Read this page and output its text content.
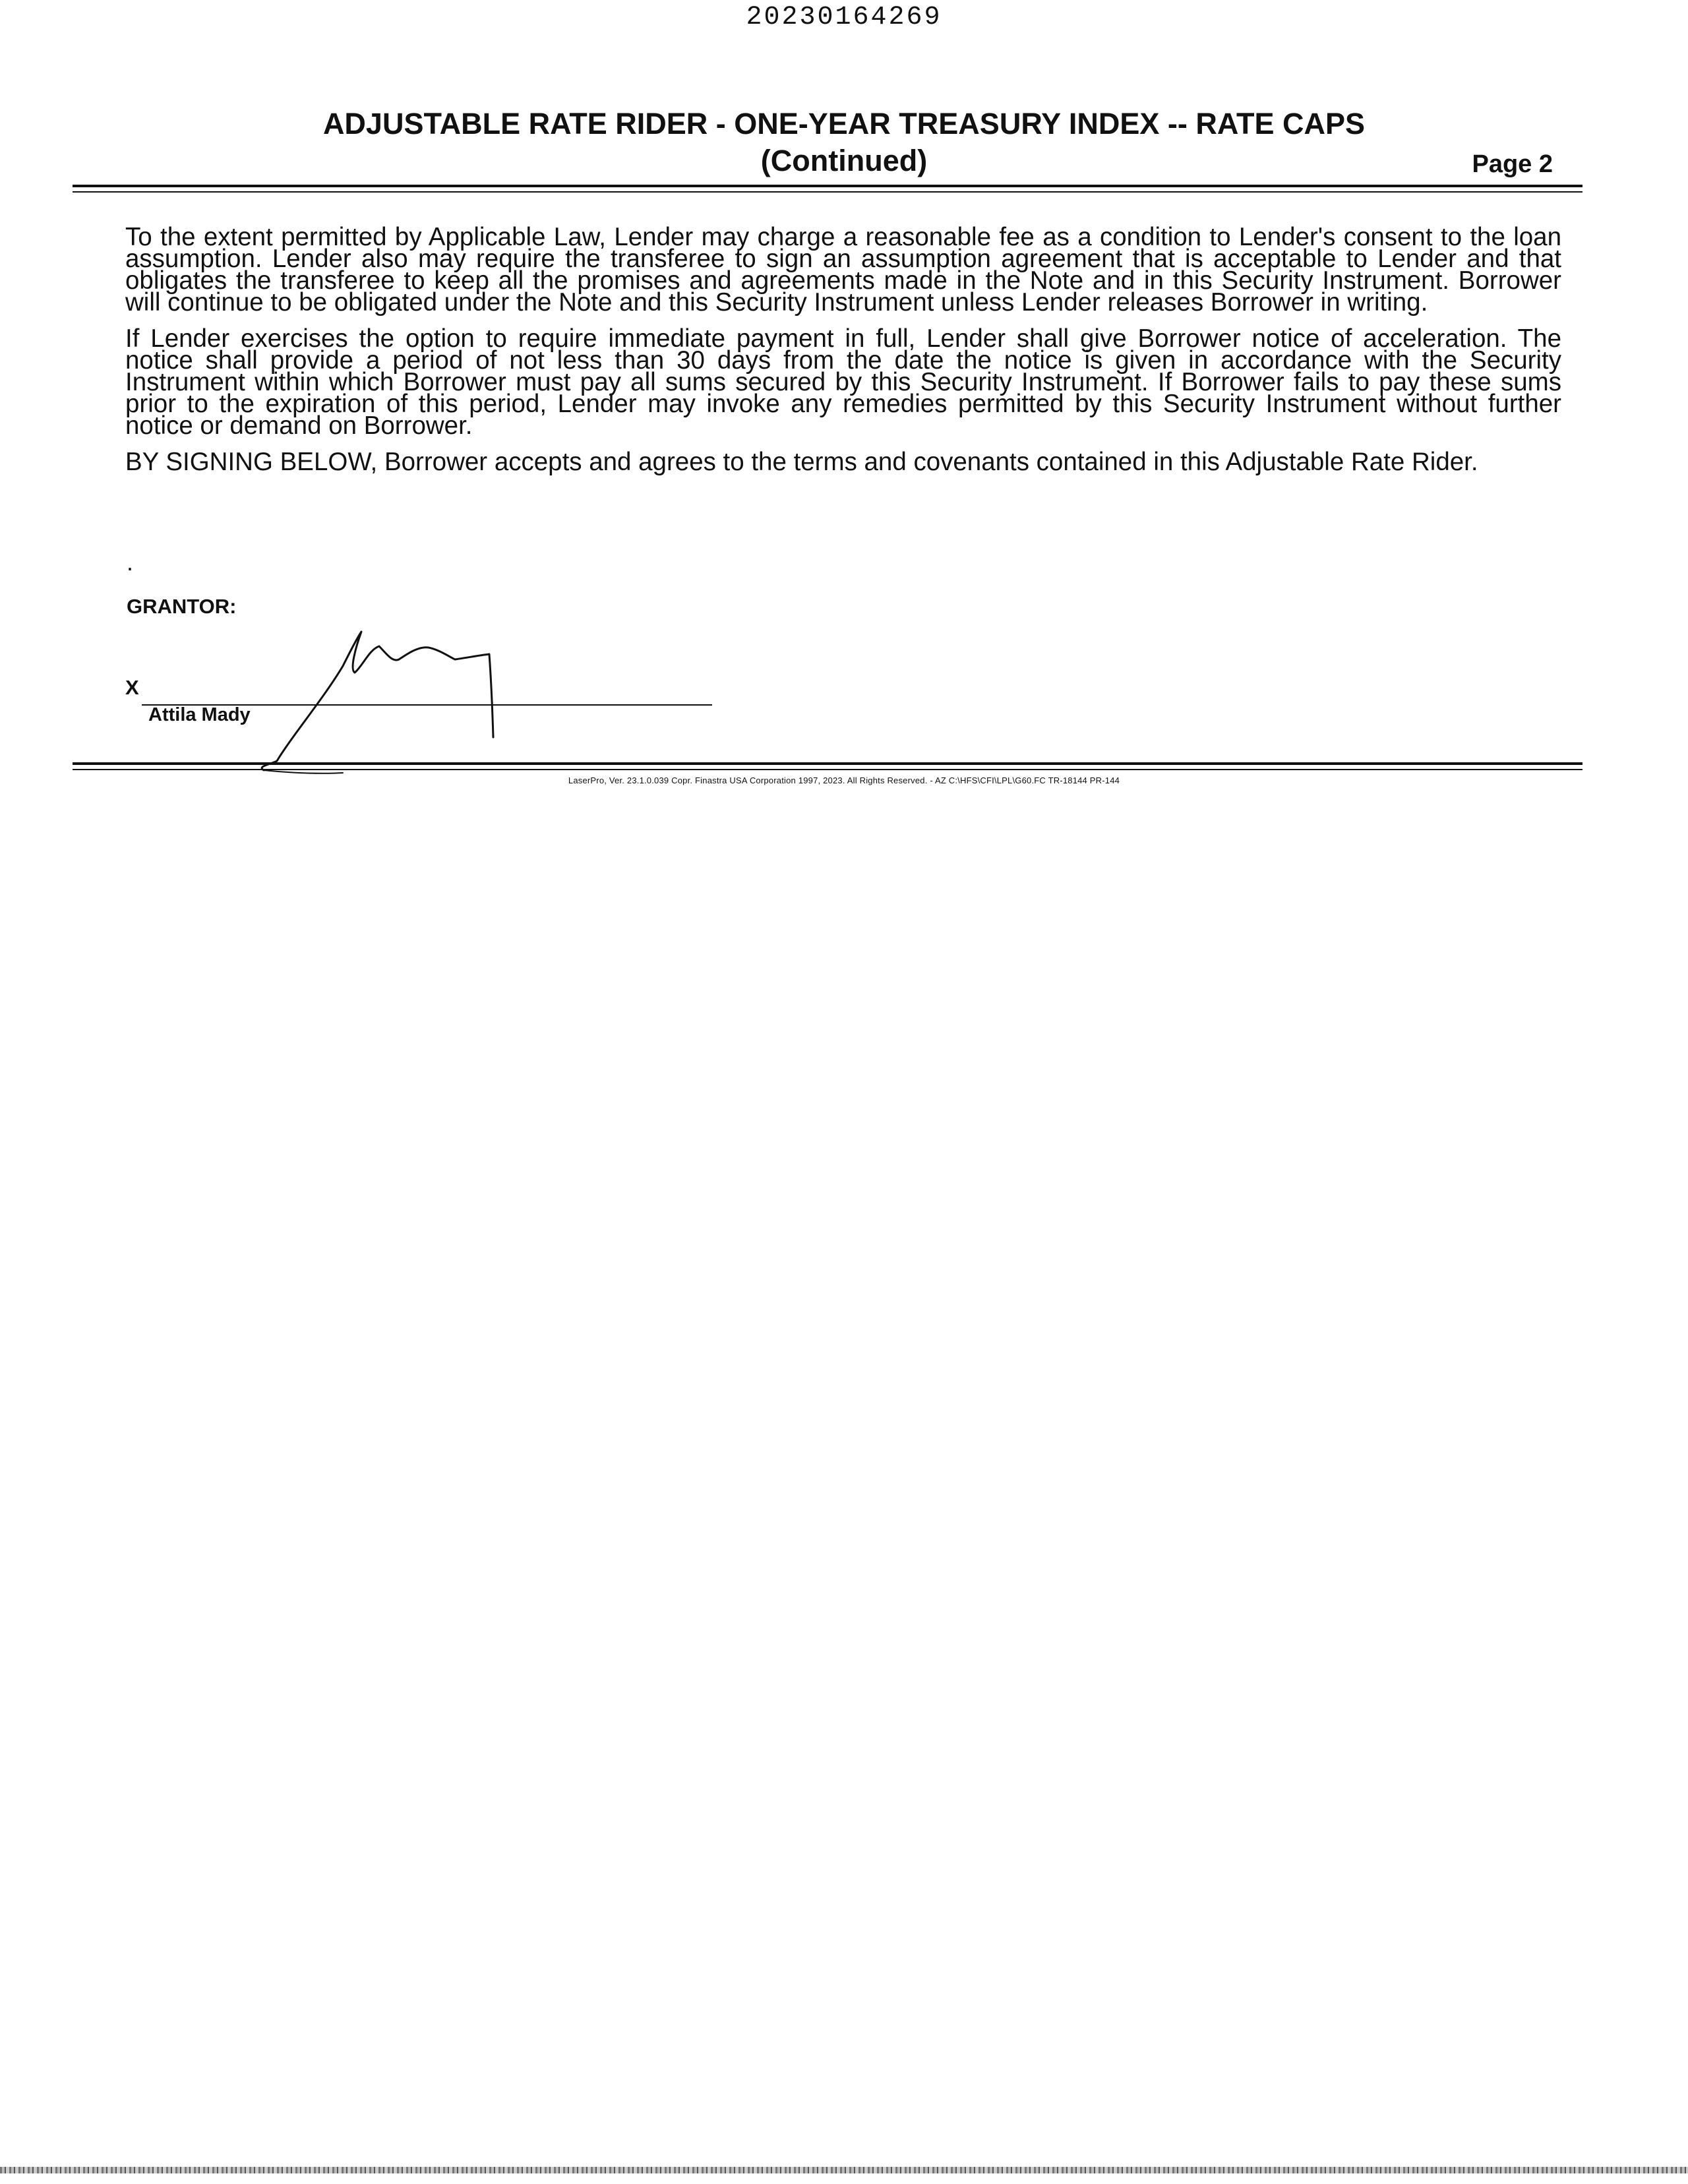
20230164269
ADJUSTABLE RATE RIDER - ONE-YEAR TREASURY INDEX -- RATE CAPS
(Continued)	Page 2

To the extent permitted by Applicable Law, Lender may charge a reasonable fee as a condition to Lender's consent to the loan assumption. Lender also may require the transferee to sign an assumption agreement that is acceptable to Lender and that obligates the transferee to keep all the promises and agreements made in the Note and in this Security Instrument. Borrower will continue to be obligated under the Note and this Security Instrument unless Lender releases Borrower in writing.

If Lender exercises the option to require immediate payment in full, Lender shall give Borrower notice of acceleration. The notice shall provide a period of not less than 30 days from the date the notice is given in accordance with the Security Instrument within which Borrower must pay all sums secured by this Security Instrument. If Borrower fails to pay these sums prior to the expiration of this period, Lender may invoke any remedies permitted by this Security Instrument without further notice or demand on Borrower.

BY SIGNING BELOW, Borrower accepts and agrees to the terms and covenants contained in this Adjustable Rate Rider.

.
GRANTOR:
X
Attila Mady
LaserPro, Ver. 23.1.0.039 Copr. Finastra USA Corporation 1997, 2023. All Rights Reserved. - AZ C:\HFS\CFI\LPL\G60.FC TR-18144 PR-144
